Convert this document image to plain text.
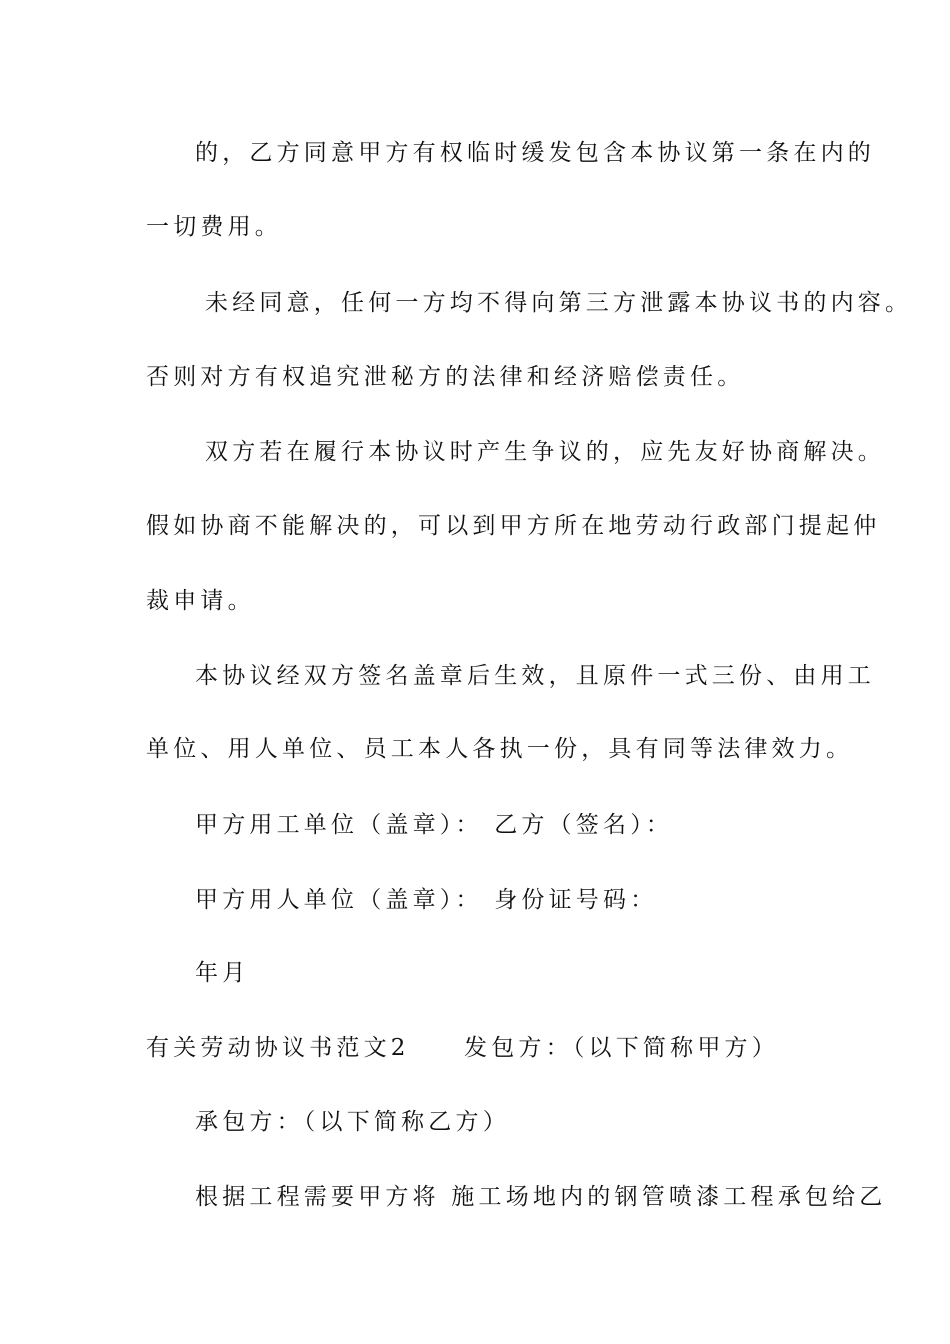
的，乙方同意甲方有权临时缓发包含本协议第一条在内的
一切费用。
未经同意，任何一方均不得向第三方泄露本协议书的内容。
否则对方有权追究泄秘方的法律和经济赔偿责任。
双方若在履行本协议时产生争议的，应先友好协商解决。
假如协商不能解决的，可以到甲方所在地劳动行政部门提起仲
裁申请。
本协议经双方签名盖章后生效，且原件一式三份、由用工
单位、用人单位、员工本人各执一份，具有同等法律效力。
甲方用工单位（盖章）： 乙方（签名）：
甲方用人单位（盖章）： 身份证号码：
年月
有关劳动协议书范文2　　发包方：（以下简称甲方）
承包方：（以下简称乙方）
根据工程需要甲方将 施工场地内的钢管喷漆工程承包给乙
